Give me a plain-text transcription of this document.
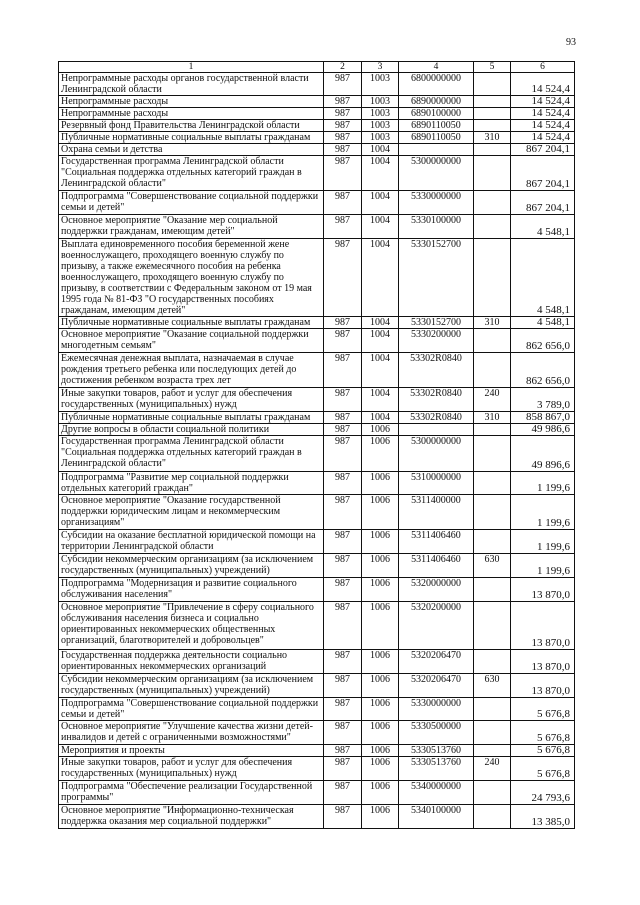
93
1	2	3	4	5	6
Непрограммные расходы органов государственной власти Ленинградской области	987	1003	6800000000		14 524,4
Непрограммные расходы	987	1003	6890000000		14 524,4
Непрограммные расходы	987	1003	6890100000		14 524,4
Резервный фонд Правительства Ленинградской области	987	1003	6890110050		14 524,4
Публичные нормативные социальные выплаты гражданам	987	1003	6890110050	310	14 524,4
Охрана семьи и детства	987	1004			867 204,1
Государственная программа Ленинградской области "Социальная поддержка отдельных категорий граждан в Ленинградской области"	987	1004	5300000000		867 204,1
Подпрограмма "Совершенствование социальной поддержки семьи и детей"	987	1004	5330000000		867 204,1
Основное мероприятие "Оказание мер социальной поддержки гражданам, имеющим детей"	987	1004	5330100000		4 548,1
Выплата единовременного пособия беременной жене военнослужащего, проходящего военную службу по призыву, а также ежемесячного пособия на ребенка военнослужащего, проходящего военную службу по призыву, в соответствии с Федеральным законом от 19 мая 1995 года № 81-ФЗ "О государственных пособиях гражданам, имеющим детей"	987	1004	5330152700		4 548,1
Публичные нормативные социальные выплаты гражданам	987	1004	5330152700	310	4 548,1
Основное мероприятие "Оказание социальной поддержки многодетным семьям"	987	1004	5330200000		862 656,0
Ежемесячная денежная выплата, назначаемая в случае рождения третьего ребенка или последующих детей до достижения ребенком возраста трех лет	987	1004	53302R0840		862 656,0
Иные закупки товаров, работ и услуг для обеспечения государственных (муниципальных) нужд	987	1004	53302R0840	240	3 789,0
Публичные нормативные социальные выплаты гражданам	987	1004	53302R0840	310	858 867,0
Другие вопросы в области социальной политики	987	1006			49 986,6
Государственная программа Ленинградской области "Социальная поддержка отдельных категорий граждан в Ленинградской области"	987	1006	5300000000		49 896,6
Подпрограмма "Развитие мер социальной поддержки отдельных категорий граждан"	987	1006	5310000000		1 199,6
Основное мероприятие "Оказание государственной поддержки юридическим лицам и некоммерческим организациям"	987	1006	5311400000		1 199,6
Субсидии на оказание бесплатной юридической помощи на территории Ленинградской области	987	1006	5311406460		1 199,6
Субсидии некоммерческим организациям (за исключением государственных (муниципальных) учреждений)	987	1006	5311406460	630	1 199,6
Подпрограмма "Модернизация и развитие социального обслуживания населения"	987	1006	5320000000		13 870,0
Основное мероприятие "Привлечение в сферу социального обслуживания населения бизнеса и социально ориентированных некоммерческих общественных организаций, благотворителей и добровольцев"	987	1006	5320200000		13 870,0
Государственная поддержка деятельности социально ориентированных некоммерческих организаций	987	1006	5320206470		13 870,0
Субсидии некоммерческим организациям (за исключением государственных (муниципальных) учреждений)	987	1006	5320206470	630	13 870,0
Подпрограмма "Совершенствование социальной поддержки семьи и детей"	987	1006	5330000000		5 676,8
Основное мероприятие "Улучшение качества жизни детей-инвалидов и детей с ограниченными возможностями"	987	1006	5330500000		5 676,8
Мероприятия и проекты	987	1006	5330513760		5 676,8
Иные закупки товаров, работ и услуг для обеспечения государственных (муниципальных) нужд	987	1006	5330513760	240	5 676,8
Подпрограмма "Обеспечение реализации Государственной программы"	987	1006	5340000000		24 793,6
Основное мероприятие "Информационно-техническая поддержка оказания мер социальной поддержки"	987	1006	5340100000		13 385,0
